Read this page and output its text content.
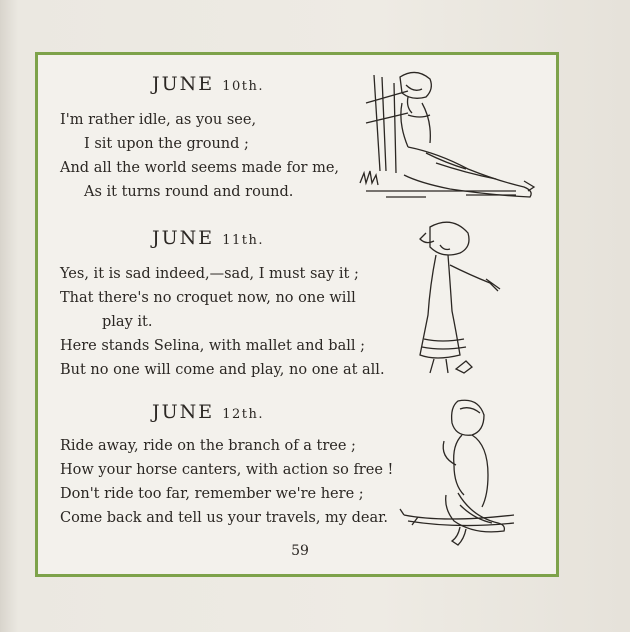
JUNE 10th.
I'm rather idle, as you see,
I sit upon the ground ;
And all the world seems made for me,
As it turns round and round.
JUNE 11th.
Yes, it is sad indeed,—sad, I must say it ;
That there's no croquet now, no one will
play it.
Here stands Selina, with mallet and ball ;
But no one will come and play, no one at all.
JUNE 12th.
Ride away, ride on the branch of a tree ;
How your horse canters, with action so free !
Don't ride too far, remember we're here ;
Come back and tell us your travels, my dear.
59
